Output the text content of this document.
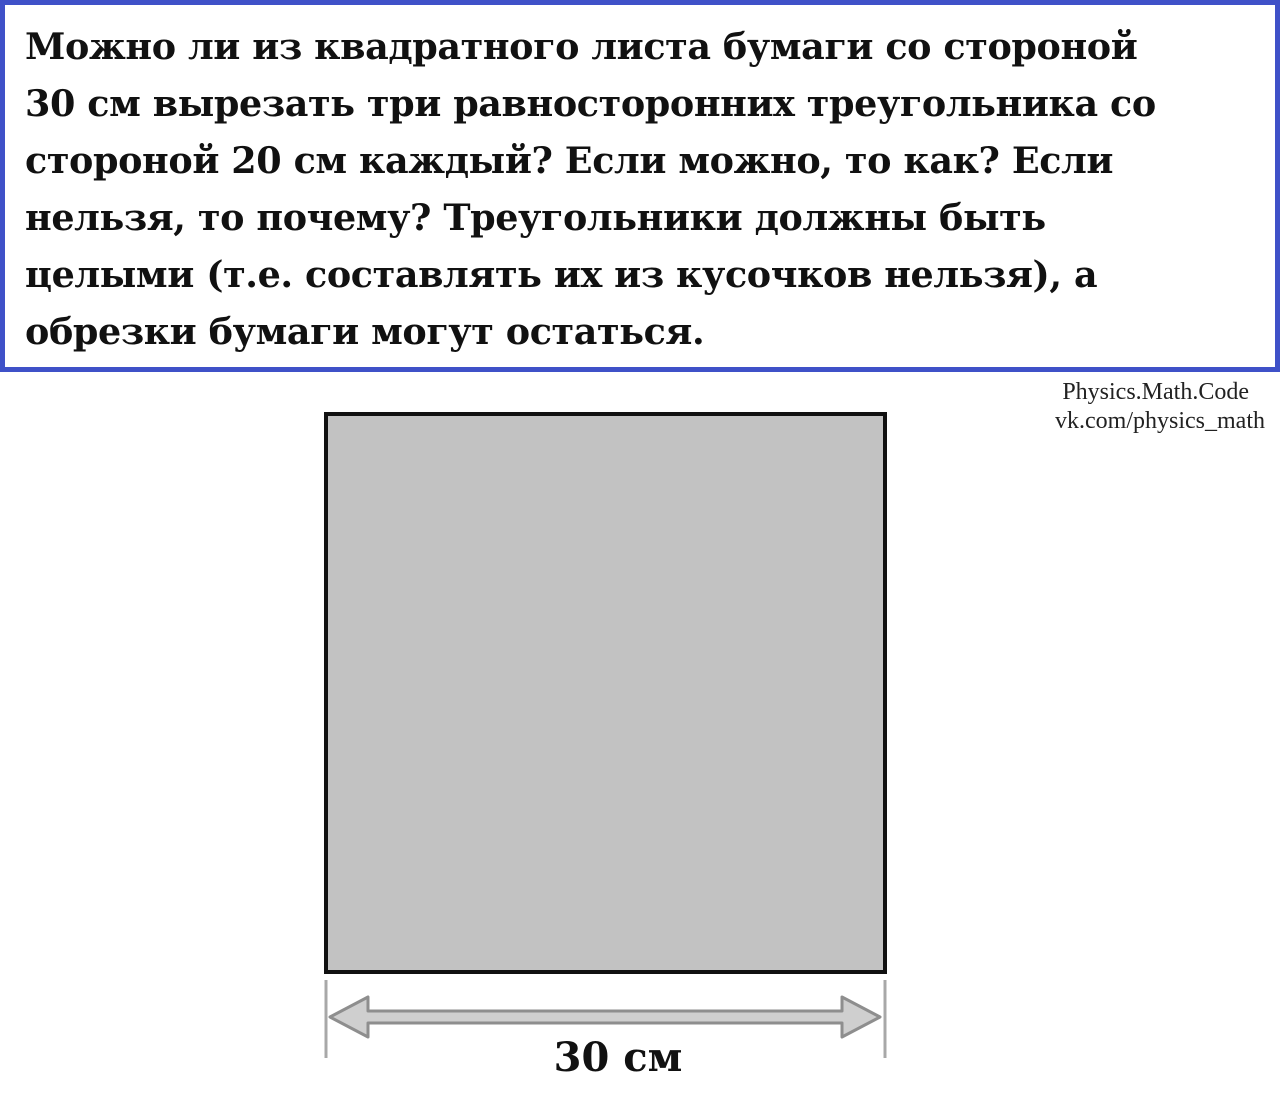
Можно ли из квадратного листа бумаги со стороной
30 см вырезать три равносторонних треугольника со
стороной 20 см каждый? Если можно, то как? Если
нельзя, то почему? Треугольники должны быть
целыми (т.е. составлять их из кусочков нельзя), а
обрезки бумаги могут остаться.

Physics.Math.Code
vk.com/physics_math
30 см
